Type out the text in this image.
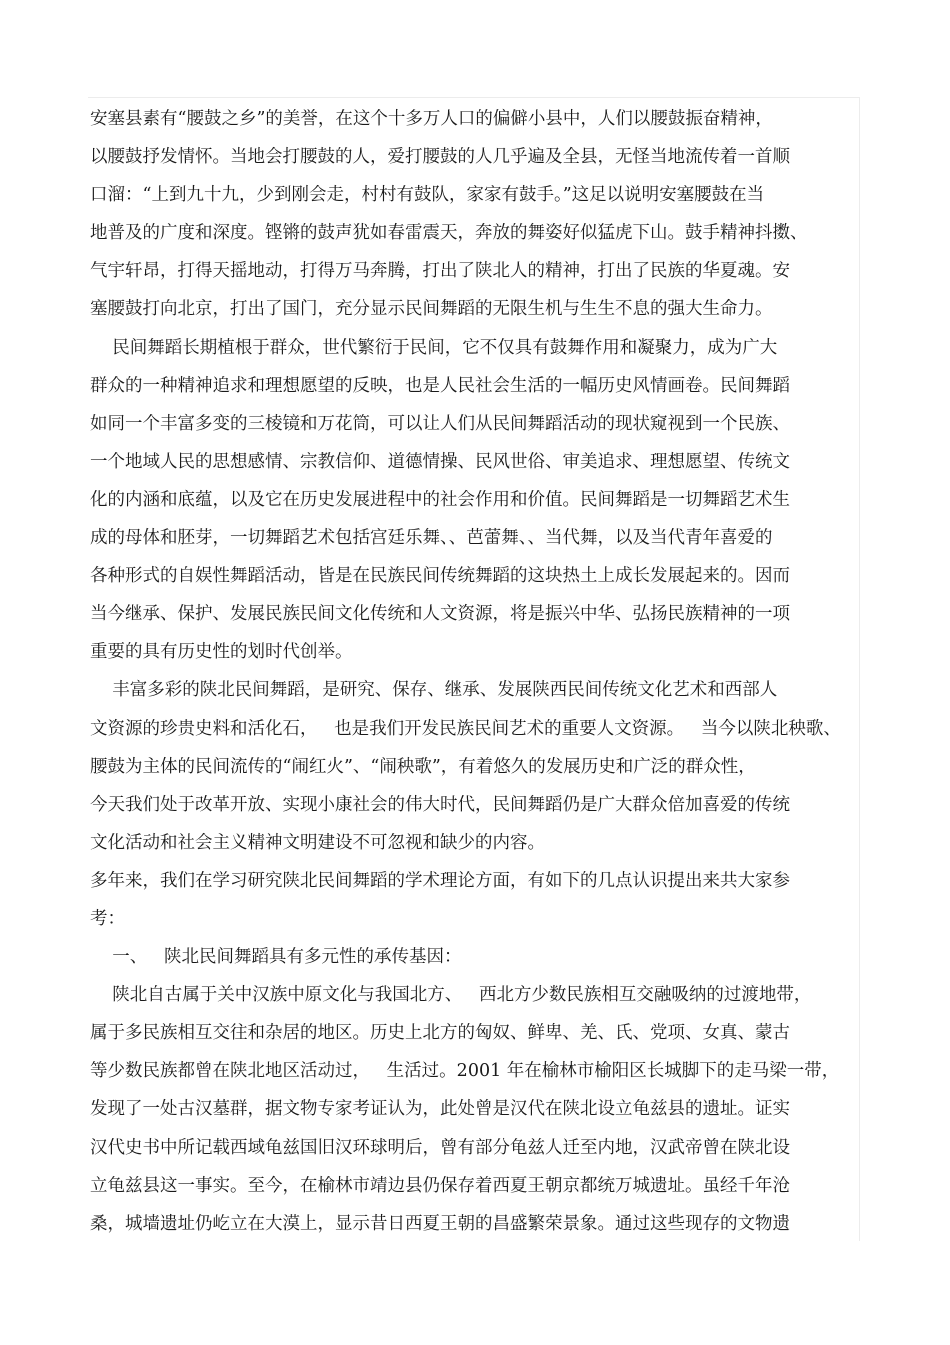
安塞县素有“腰鼓之乡”的美誉，在这个十多万人口的偏僻小县中，人们以腰鼓振奋精神，
以腰鼓抒发情怀。当地会打腰鼓的人，爱打腰鼓的人几乎遍及全县，无怪当地流传着一首顺
口溜：“上到九十九，少到刚会走，村村有鼓队，家家有鼓手。”这足以说明安塞腰鼓在当
地普及的广度和深度。铿锵的鼓声犹如春雷震天，奔放的舞姿好似猛虎下山。鼓手精神抖擞、
气宇轩昂，打得天摇地动，打得万马奔腾，打出了陕北人的精神，打出了民族的华夏魂。安
塞腰鼓打向北京，打出了国门，充分显示民间舞蹈的无限生机与生生不息的强大生命力。
民间舞蹈长期植根于群众，世代繁衍于民间，它不仅具有鼓舞作用和凝聚力，成为广大
群众的一种精神追求和理想愿望的反映，也是人民社会生活的一幅历史风情画卷。民间舞蹈
如同一个丰富多变的三棱镜和万花筒，可以让人们从民间舞蹈活动的现状窥视到一个民族、
一个地域人民的思想感情、宗教信仰、道德情操、民风世俗、审美追求、理想愿望、传统文
化的内涵和底蕴，以及它在历史发展进程中的社会作用和价值。民间舞蹈是一切舞蹈艺术生
成的母体和胚芽，一切舞蹈艺术包括宫廷乐舞、、芭蕾舞、、当代舞，以及当代青年喜爱的
各种形式的自娱性舞蹈活动，皆是在民族民间传统舞蹈的这块热土上成长发展起来的。因而
当今继承、保护、发展民族民间文化传统和人文资源，将是振兴中华、弘扬民族精神的一项
重要的具有历史性的划时代创举。
丰富多彩的陕北民间舞蹈，是研究、保存、继承、发展陕西民间传统文化艺术和西部人
文资源的珍贵史料和活化石，   也是我们开发民族民间艺术的重要人文资源。   当今以陕北秧歌、
腰鼓为主体的民间流传的“闹红火”、“闹秧歌”，有着悠久的发展历史和广泛的群众性，
今天我们处于改革开放、实现小康社会的伟大时代，民间舞蹈仍是广大群众倍加喜爱的传统
文化活动和社会主义精神文明建设不可忽视和缺少的内容。
多年来，我们在学习研究陕北民间舞蹈的学术理论方面，有如下的几点认识提出来共大家参
考：
一、   陕北民间舞蹈具有多元性的承传基因：
陕北自古属于关中汉族中原文化与我国北方、   西北方少数民族相互交融吸纳的过渡地带，
属于多民族相互交往和杂居的地区。历史上北方的匈奴、鲜卑、羌、氏、党项、女真、蒙古
等少数民族都曾在陕北地区活动过，   生活过。2001 年在榆林市榆阳区长城脚下的走马梁一带，
发现了一处古汉墓群，据文物专家考证认为，此处曾是汉代在陕北设立龟兹县的遗址。证实
汉代史书中所记载西域龟兹国旧汉环球明后，曾有部分龟兹人迁至内地，汉武帝曾在陕北设
立龟兹县这一事实。至今，在榆林市靖边县仍保存着西夏王朝京都统万城遗址。虽经千年沧
桑，城墙遗址仍屹立在大漠上，显示昔日西夏王朝的昌盛繁荣景象。通过这些现存的文物遗
